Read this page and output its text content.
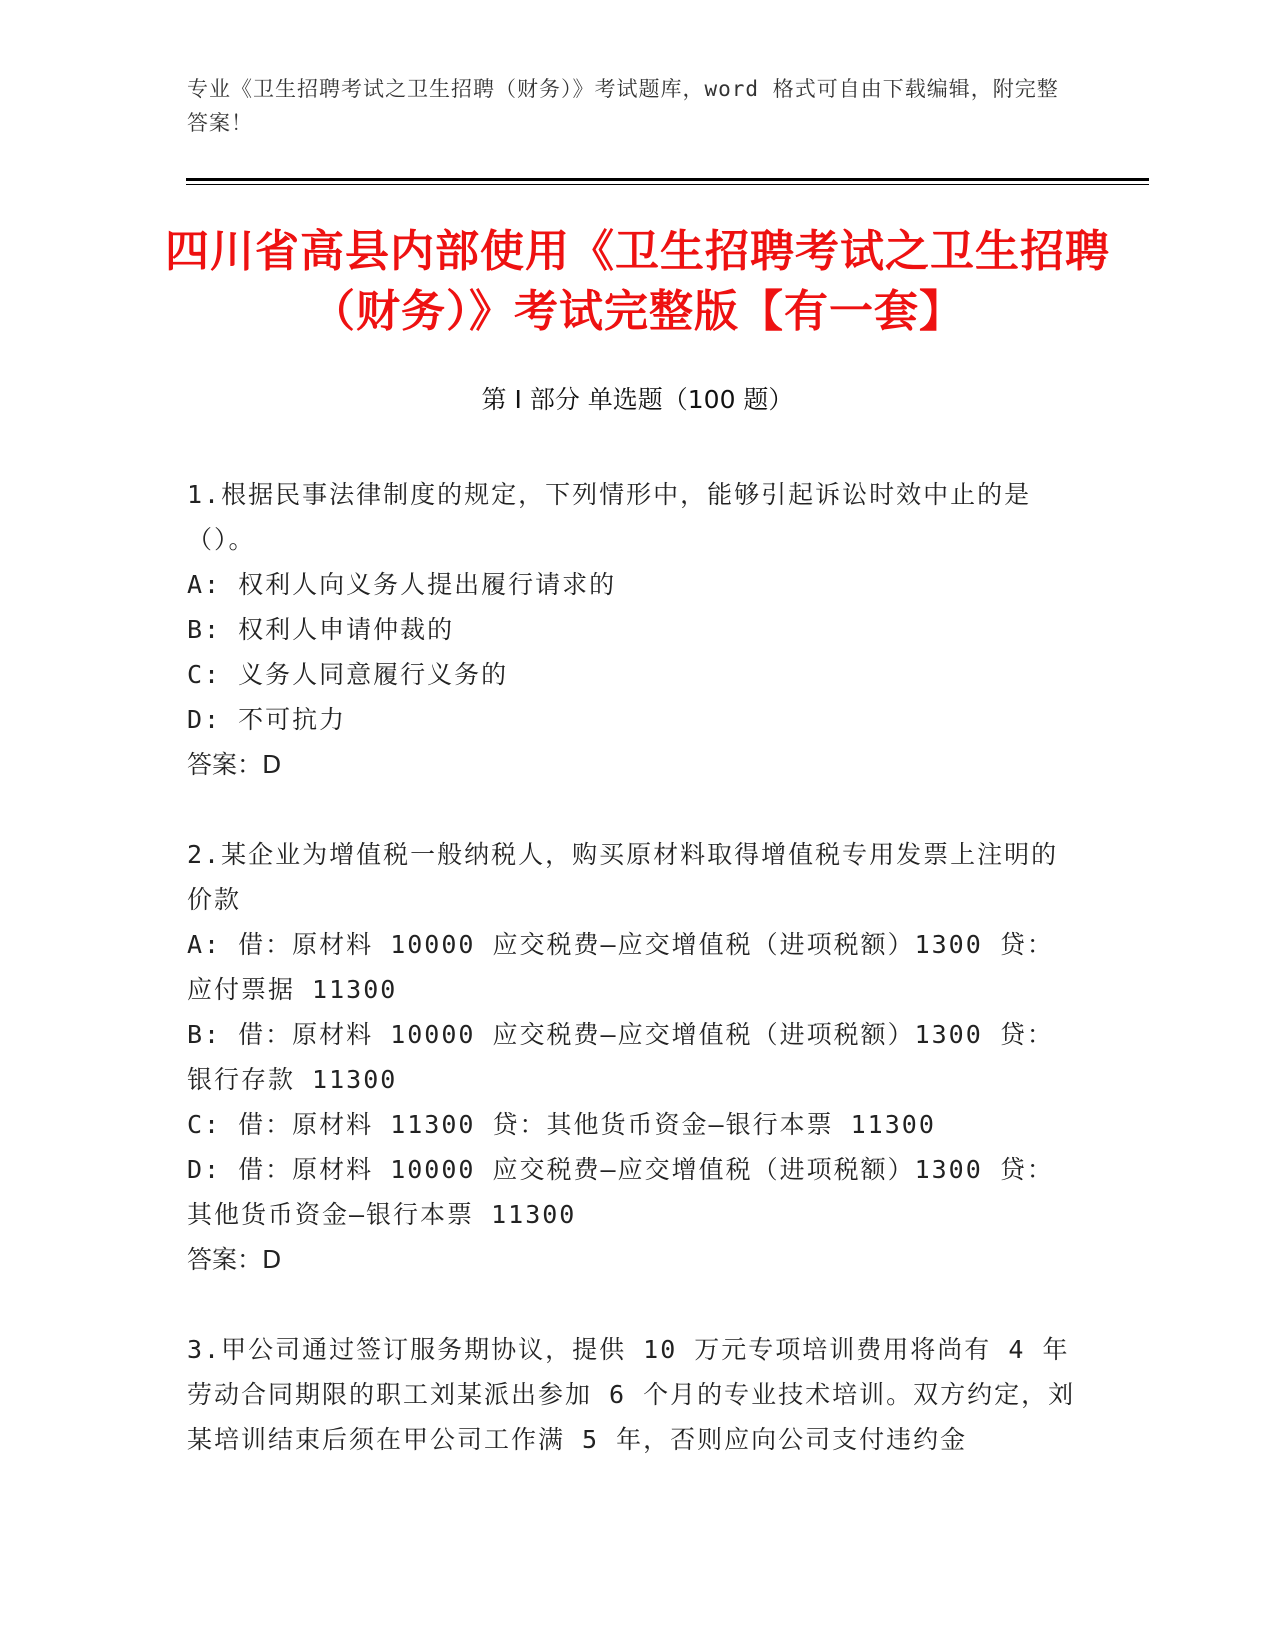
专业《卫生招聘考试之卫生招聘（财务）》考试题库，word 格式可自由下载编辑，附完整答案！
四川省高县内部使用《卫生招聘考试之卫生招聘（财务）》考试完整版【有一套】
第 I 部分 单选题（100 题）
1.根据民事法律制度的规定，下列情形中，能够引起诉讼时效中止的是（）。
A: 权利人向义务人提出履行请求的
B: 权利人申请仲裁的
C: 义务人同意履行义务的
D: 不可抗力
答案：D
2.某企业为增值税一般纳税人，购买原材料取得增值税专用发票上注明的价款
A: 借：原材料 10000 应交税费—应交增值税（进项税额）1300 贷：应付票据 11300
B: 借：原材料 10000 应交税费—应交增值税（进项税额）1300 贷：银行存款 11300
C: 借：原材料 11300 贷：其他货币资金—银行本票 11300
D: 借：原材料 10000 应交税费—应交增值税（进项税额）1300 贷：其他货币资金—银行本票 11300
答案：D
3.甲公司通过签订服务期协议，提供 10 万元专项培训费用将尚有 4 年劳动合同期限的职工刘某派出参加 6 个月的专业技术培训。双方约定，刘某培训结束后须在甲公司工作满 5 年，否则应向公司支付违约金
